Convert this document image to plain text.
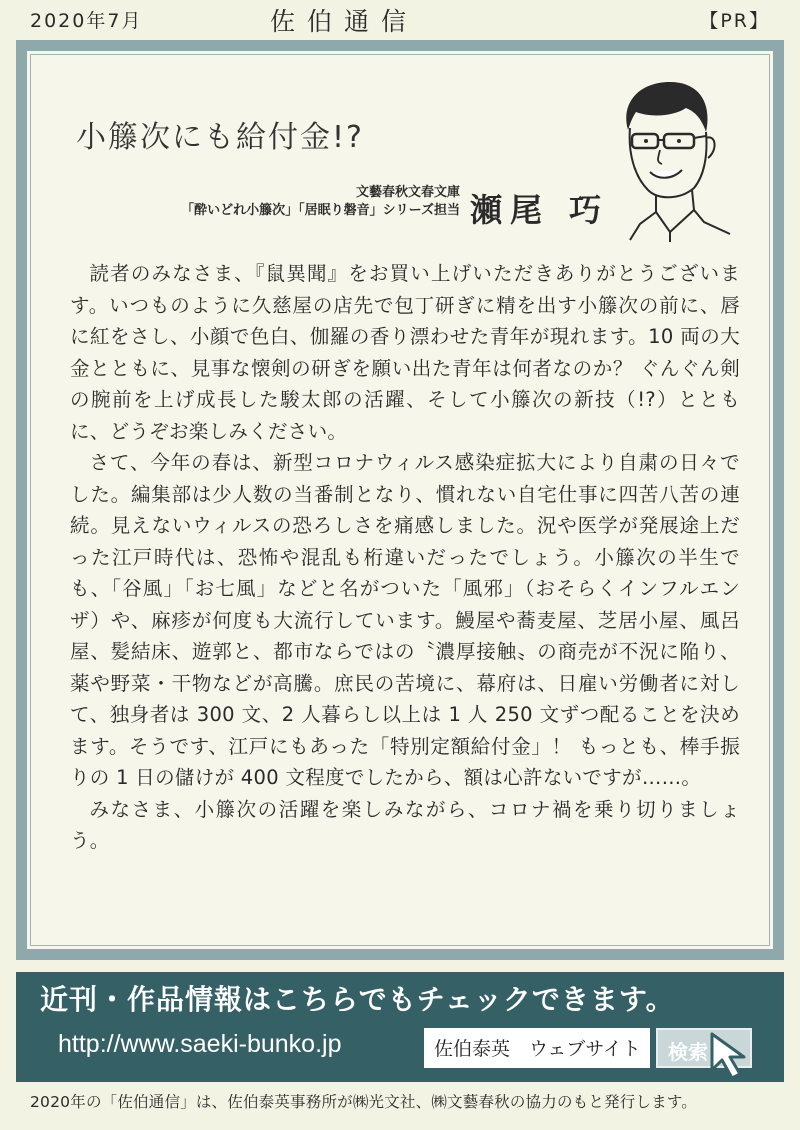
2020年7月	佐伯通信	【PR】
小籐次にも給付金!?
文藝春秋文春文庫
「酔いどれ小籐次」「居眠り磐音」シリーズ担当 瀬尾 巧

読者のみなさま、『鼠異聞』をお買い上げいただきありがとうございます。いつものように久慈屋の店先で包丁研ぎに精を出す小籐次の前に、唇に紅をさし、小顔で色白、伽羅の香り漂わせた青年が現れます。10 両の大金とともに、見事な懐剣の研ぎを願い出た青年は何者なのか？ ぐんぐん剣の腕前を上げ成長した駿太郎の活躍、そして小籐次の新技（!?）とともに、どうぞお楽しみください。

さて、今年の春は、新型コロナウィルス感染症拡大により自粛の日々でした。編集部は少人数の当番制となり、慣れない自宅仕事に四苦八苦の連続。見えないウィルスの恐ろしさを痛感しました。況や医学が発展途上だった江戸時代は、恐怖や混乱も桁違いだったでしょう。小籐次の半生でも、「谷風」「お七風」などと名がついた「風邪」（おそらくインフルエンザ）や、麻疹が何度も大流行しています。鰻屋や蕎麦屋、芝居小屋、風呂屋、髪結床、遊郭と、都市ならではの〝濃厚接触〟の商売が不況に陥り、薬や野菜・干物などが高騰。庶民の苦境に、幕府は、日雇い労働者に対して、独身者は 300 文、2 人暮らし以上は 1 人 250 文ずつ配ることを決めます。そうです、江戸にもあった「特別定額給付金」！ もっとも、棒手振りの 1 日の儲けが 400 文程度でしたから、額は心許ないですが……。

みなさま、小籐次の活躍を楽しみながら、コロナ禍を乗り切りましょう。

近刊・作品情報はこちらでもチェックできます。
http://www.saeki-bunko.jp	佐伯泰英　ウェブサイト	検索
2020年の「佐伯通信」は、佐伯泰英事務所が㈱光文社、㈱文藝春秋の協力のもと発行します。
